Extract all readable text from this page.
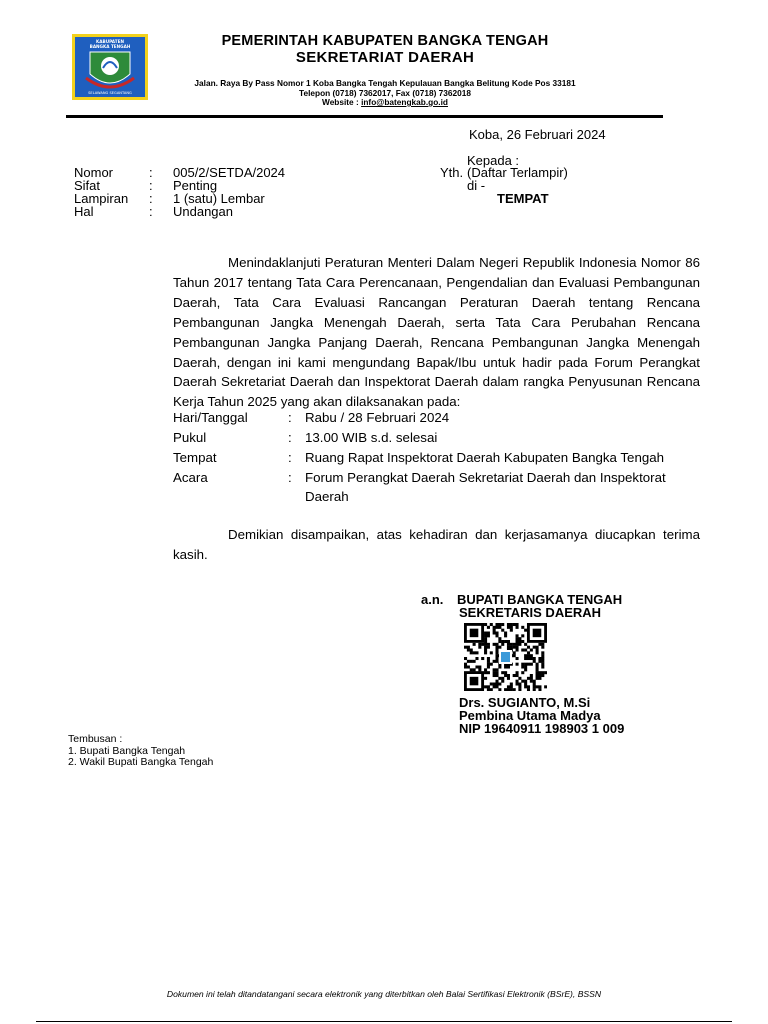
KABUPATEN
BANGKA TENGAH
SELAWANG SEGANTANG
PEMERINTAH KABUPATEN BANGKA TENGAH
SEKRETARIAT DAERAH
Jalan. Raya By Pass Nomor 1 Koba Bangka Tengah Kepulauan Bangka Belitung Kode Pos 33181
Telepon (0718) 7362017, Fax (0718) 7362018
Website : info@batengkab.go.id
Koba, 26 Februari 2024
Nomor	: 005/2/SETDA/2024
Sifat	: Penting
Lampiran : 1 (satu) Lembar
Hal	: Undangan
Kepada :
Yth. (Daftar Terlampir)
di -
TEMPAT

Menindaklanjuti Peraturan Menteri Dalam Negeri Republik Indonesia Nomor 86 Tahun 2017 tentang Tata Cara Perencanaan, Pengendalian dan Evaluasi Pembangunan Daerah, Tata Cara Evaluasi Rancangan Peraturan Daerah tentang Rencana Pembangunan Jangka Menengah Daerah, serta Tata Cara Perubahan Rencana Pembangunan Jangka Panjang Daerah, Rencana Pembangunan Jangka Menengah Daerah, dengan ini kami mengundang Bapak/Ibu untuk hadir pada Forum Perangkat Daerah Sekretariat Daerah dan Inspektorat Daerah dalam rangka Penyusunan Rencana Kerja Tahun 2025 yang akan dilaksanakan pada:

Hari/Tanggal	: Rabu / 28 Februari 2024
Pukul	: 13.00 WIB s.d. selesai
Tempat	: Ruang Rapat Inspektorat Daerah Kabupaten Bangka Tengah
Acara	: Forum Perangkat Daerah Sekretariat Daerah dan Inspektorat
Daerah

Demikian disampaikan, atas kehadiran dan kerjasamanya diucapkan terima kasih.

a.n. BUPATI BANGKA TENGAH
SEKRETARIS DAERAH
Drs. SUGIANTO, M.Si
Pembina Utama Madya
NIP 19640911 198903 1 009
Tembusan :
1. Bupati Bangka Tengah
2. Wakil Bupati Bangka Tengah
Dokumen ini telah ditandatangani secara elektronik yang diterbitkan oleh Balai Sertifikasi Elektronik (BSrE), BSSN
